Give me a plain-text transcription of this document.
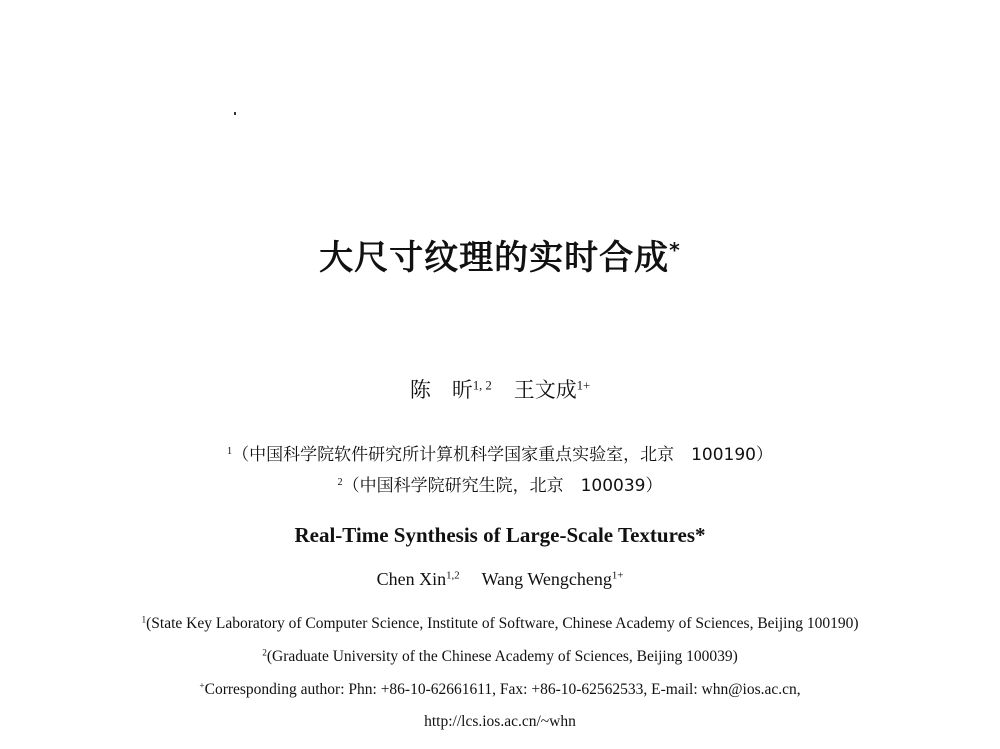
大尺寸纹理的实时合成*
陈　昕$^{1, 2}$ 王文成$^{1+}$
$^1$（中国科学院软件研究所计算机科学国家重点实验室，北京　100190）
$^2$（中国科学院研究生院，北京　100039）
Real-Time Synthesis of Large-Scale Textures*
Chen Xin$^{1,2}$ Wang Wengcheng$^{1+}$
$^1$(State Key Laboratory of Computer Science, Institute of Software, Chinese Academy of Sciences, Beijing 100190)
$^2$(Graduate University of the Chinese Academy of Sciences, Beijing 100039)
+Corresponding author: Phn: +86-10-62661611, Fax: +86-10-62562533, E-mail: whn@ios.ac.cn,
http://lcs.ios.ac.cn/~whn
